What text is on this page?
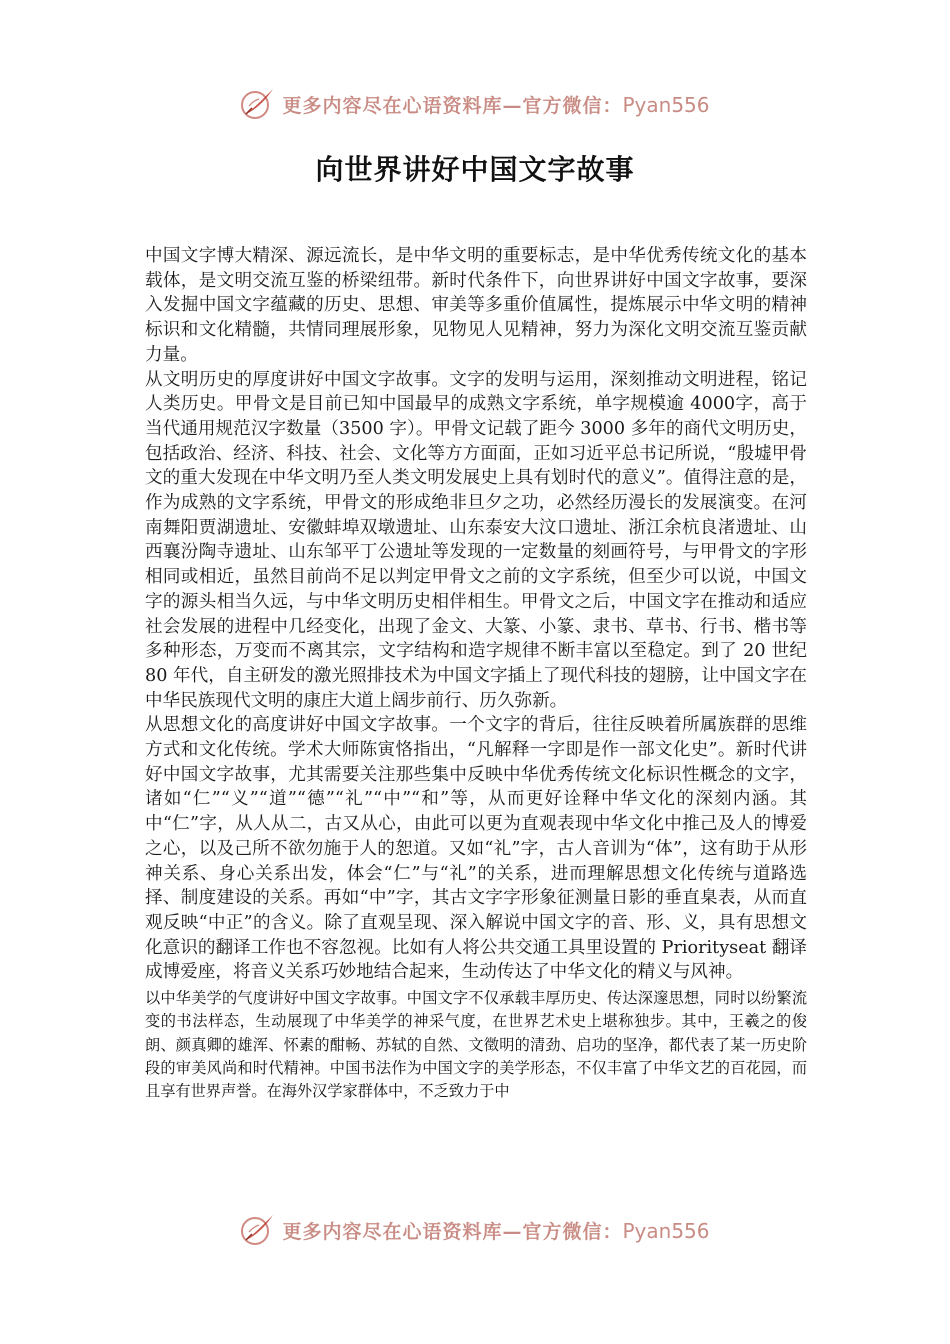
更多内容尽在心语资料库—官方微信：Pyan556
向世界讲好中国文字故事

中国文字博大精深、源远流长，是中华文明的重要标志，是中华优秀传统文化的基本载体，是文明交流互鉴的桥梁纽带。新时代条件下，向世界讲好中国文字故事，要深入发掘中国文字蕴藏的历史、思想、审美等多重价值属性，提炼展示中华文明的精神标识和文化精髓，共情同理展形象，见物见人见精神，努力为深化文明交流互鉴贡献力量。

从文明历史的厚度讲好中国文字故事。文字的发明与运用，深刻推动文明进程，铭记人类历史。甲骨文是目前已知中国最早的成熟文字系统，单字规模逾 4000字，高于当代通用规范汉字数量（3500 字）。甲骨文记载了距今 3000 多年的商代文明历史，包括政治、经济、科技、社会、文化等方方面面，正如习近平总书记所说，“殷墟甲骨文的重大发现在中华文明乃至人类文明发展史上具有划时代的意义”。值得注意的是，作为成熟的文字系统，甲骨文的形成绝非旦夕之功，必然经历漫长的发展演变。在河南舞阳贾湖遗址、安徽蚌埠双墩遗址、山东泰安大汶口遗址、浙江余杭良渚遗址、山西襄汾陶寺遗址、山东邹平丁公遗址等发现的一定数量的刻画符号，与甲骨文的字形相同或相近，虽然目前尚不足以判定甲骨文之前的文字系统，但至少可以说，中国文字的源头相当久远，与中华文明历史相伴相生。甲骨文之后，中国文字在推动和适应社会发展的进程中几经变化，出现了金文、大篆、小篆、隶书、草书、行书、楷书等多种形态，万变而不离其宗，文字结构和造字规律不断丰富以至稳定。到了 20 世纪 80 年代，自主研发的激光照排技术为中国文字插上了现代科技的翅膀，让中国文字在中华民族现代文明的康庄大道上阔步前行、历久弥新。

从思想文化的高度讲好中国文字故事。一个文字的背后，往往反映着所属族群的思维方式和文化传统。学术大师陈寅恪指出，“凡解释一字即是作一部文化史”。新时代讲好中国文字故事，尤其需要关注那些集中反映中华优秀传统文化标识性概念的文字，诸如“仁”“义”“道”“德”“礼”“中”“和”等，从而更好诠释中华文化的深刻内涵。其中“仁”字，从人从二，古又从心，由此可以更为直观表现中华文化中推己及人的博爱之心，以及己所不欲勿施于人的恕道。又如“礼”字，古人音训为“体”，这有助于从形神关系、身心关系出发，体会“仁”与“礼”的关系，进而理解思想文化传统与道路选择、制度建设的关系。再如“中”字，其古文字字形象征测量日影的垂直臬表，从而直观反映“中正”的含义。除了直观呈现、深入解说中国文字的音、形、义，具有思想文化意识的翻译工作也不容忽视。比如有人将公共交通工具里设置的 Priorityseat 翻译成博爱座，将音义关系巧妙地结合起来，生动传达了中华文化的精义与风神。

以中华美学的气度讲好中国文字故事。中国文字不仅承载丰厚历史、传达深邃思想，同时以纷繁流变的书法样态，生动展现了中华美学的神采气度，在世界艺术史上堪称独步。其中，王羲之的俊朗、颜真卿的雄浑、怀素的酣畅、苏轼的自然、文徵明的清劲、启功的坚净，都代表了某一历史阶段的审美风尚和时代精神。中国书法作为中国文字的美学形态，不仅丰富了中华文艺的百花园，而且享有世界声誉。在海外汉学家群体中，不乏致力于中

更多内容尽在心语资料库—官方微信：Pyan556
